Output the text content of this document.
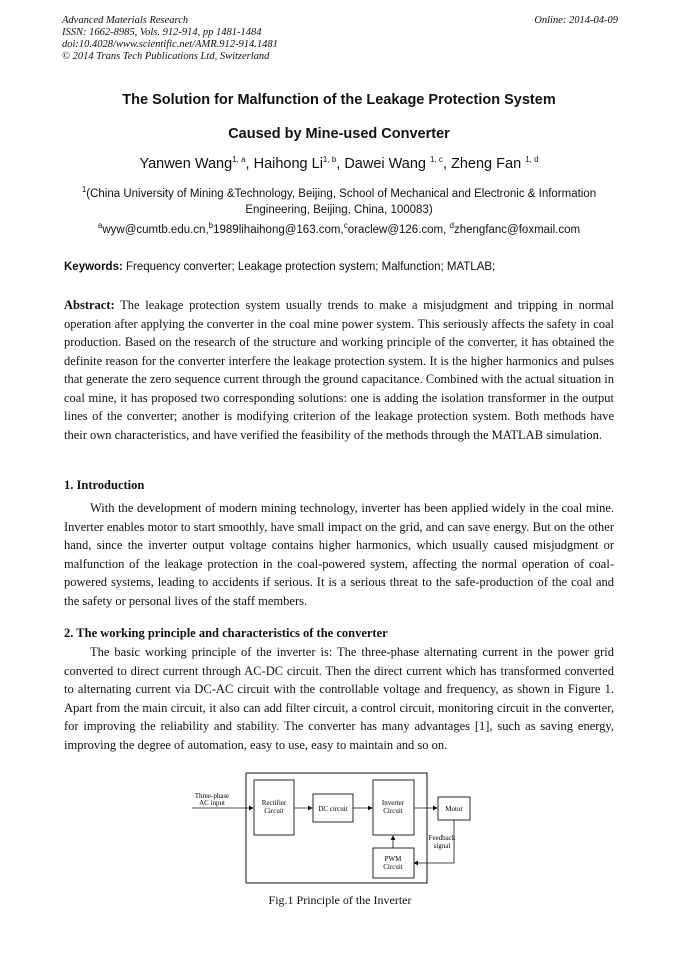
Advanced Materials Research
ISSN: 1662-8985, Vols. 912-914, pp 1481-1484
doi:10.4028/www.scientific.net/AMR.912-914.1481
© 2014 Trans Tech Publications Ltd, Switzerland
Online: 2014-04-09
The Solution for Malfunction of the Leakage Protection System
Caused by Mine-used Converter
Yanwen Wang$^{1, a}$, Haihong Li$^{1, b}$, Dawei Wang $^{1, c}$, Zheng Fan $^{1, d}$
$^1$(China University of Mining &Technology, Beijing, School of Mechanical and Electronic & Information Engineering, Beijing, China, 100083)
$^a$wyw@cumtb.edu.cn,$^b$1989lihaihong@163.com,$^c$oraclew@126.com, $^d$zhengfanc@foxmail.com
Keywords: Frequency converter; Leakage protection system; Malfunction; MATLAB;
Abstract: The leakage protection system usually trends to make a misjudgment and tripping in normal operation after applying the converter in the coal mine power system. This seriously affects the safety in coal production. Based on the research of the structure and working principle of the converter, it has obtained the definite reason for the converter interfere the leakage protection system. It is the higher harmonics and pulses that generate the zero sequence current through the ground capacitance. Combined with the actual situation in coal mine, it has proposed two corresponding solutions: one is adding the isolation transformer in the output lines of the converter; another is modifying criterion of the leakage protection system. Both methods have their own characteristics, and have verified the feasibility of the methods through the MATLAB simulation.
1. Introduction
With the development of modern mining technology, inverter has been applied widely in the coal mine. Inverter enables motor to start smoothly, have small impact on the grid, and can save energy. But on the other hand, since the inverter output voltage contains higher harmonics, which usually caused misjudgment or malfunction of the leakage protection in the coal-powered system, affecting the normal operation of coal-powered systems, leading to accidents if serious. It is a serious threat to the safe-production of the coal and the safety or personal lives of the staff members.
2. The working principle and characteristics of the converter
The basic working principle of the inverter is: The three-phase alternating current in the power grid converted to direct current through AC-DC circuit. Then the direct current which has transformed converted to alternating current via DC-AC circuit with the controllable voltage and frequency, as shown in Figure 1. Apart from the main circuit, it also can add filter circuit, a control circuit, monitoring circuit in the converter, for improving the reliability and stability. The converter has many advantages [1], such as saving energy, improving the degree of automation, easy to use, easy to maintain and so on.
Three-phase
AC input	Rectifier
Circuit	DC circuit
Inverter
Circuit	Motor
Feedback
signal
PWM
Circuit
Fig.1 Principle of the Inverter
